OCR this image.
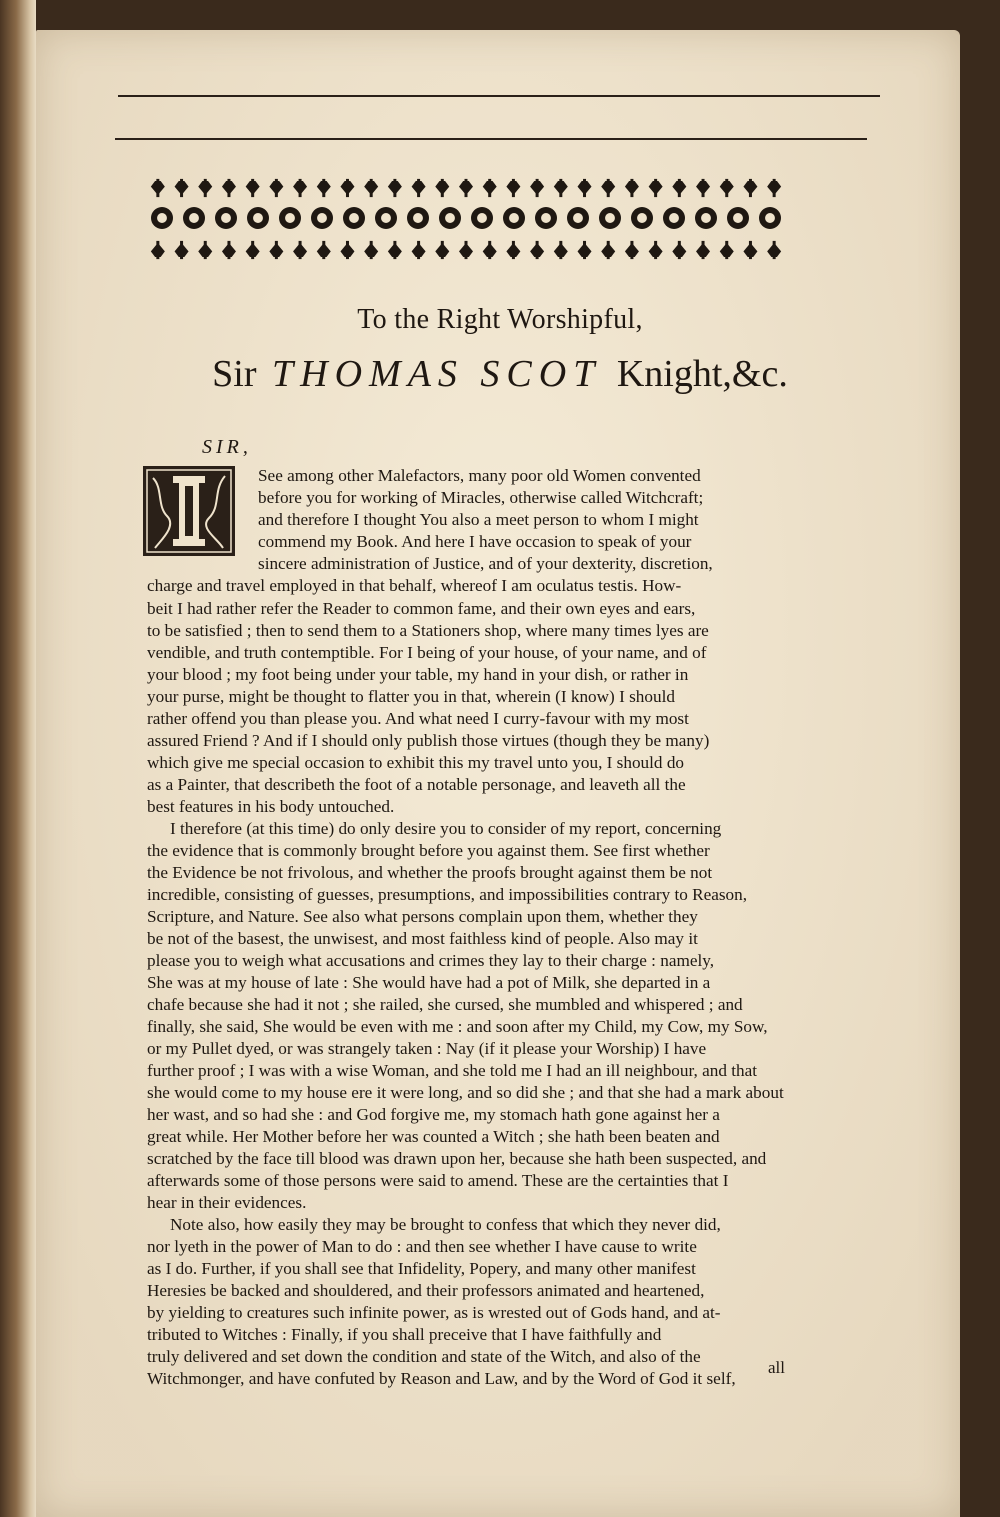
To the Right Worshipful,
Sir THOMAS SCOT Knight,&c.
SIR,
See among other Malefactors, many poor old Women convented
before you for working of Miracles, otherwise called Witchcraft;
and therefore I thought You also a meet person to whom I might
commend my Book. And here I have occasion to speak of your
sincere administration of Justice, and of your dexterity, discretion,
charge and travel employed in that behalf, whereof I am oculatus testis. How-
beit I had rather refer the Reader to common fame, and their own eyes and ears,
to be satisfied ; then to send them to a Stationers shop, where many times lyes are
vendible, and truth contemptible. For I being of your house, of your name, and of
your blood ; my foot being under your table, my hand in your dish, or rather in
your purse, might be thought to flatter you in that, wherein (I know) I should
rather offend you than please you. And what need I curry-favour with my most
assured Friend ? And if I should only publish those virtues (though they be many)
which give me special occasion to exhibit this my travel unto you, I should do
as a Painter, that describeth the foot of a notable personage, and leaveth all the
best features in his body untouched.
I therefore (at this time) do only desire you to consider of my report, concerning
the evidence that is commonly brought before you against them. See first whether
the Evidence be not frivolous, and whether the proofs brought against them be not
incredible, consisting of guesses, presumptions, and impossibilities contrary to Reason,
Scripture, and Nature. See also what persons complain upon them, whether they
be not of the basest, the unwisest, and most faithless kind of people. Also may it
please you to weigh what accusations and crimes they lay to their charge : namely,
She was at my house of late : She would have had a pot of Milk, she departed in a
chafe because she had it not ; she railed, she cursed, she mumbled and whispered ; and
finally, she said, She would be even with me : and soon after my Child, my Cow, my Sow,
or my Pullet dyed, or was strangely taken : Nay (if it please your Worship) I have
further proof ; I was with a wise Woman, and she told me I had an ill neighbour, and that
she would come to my house ere it were long, and so did she ; and that she had a mark about
her wast, and so had she : and God forgive me, my stomach hath gone against her a
great while. Her Mother before her was counted a Witch ; she hath been beaten and
scratched by the face till blood was drawn upon her, because she hath been suspected, and
afterwards some of those persons were said to amend. These are the certainties that I
hear in their evidences.
Note also, how easily they may be brought to confess that which they never did,
nor lyeth in the power of Man to do : and then see whether I have cause to write
as I do. Further, if you shall see that Infidelity, Popery, and many other manifest
Heresies be backed and shouldered, and their professors animated and heartened,
by yielding to creatures such infinite power, as is wrested out of Gods hand, and at-
tributed to Witches : Finally, if you shall preceive that I have faithfully and
truly delivered and set down the condition and state of the Witch, and also of the
Witchmonger, and have confuted by Reason and Law, and by the Word of God it self,
all
